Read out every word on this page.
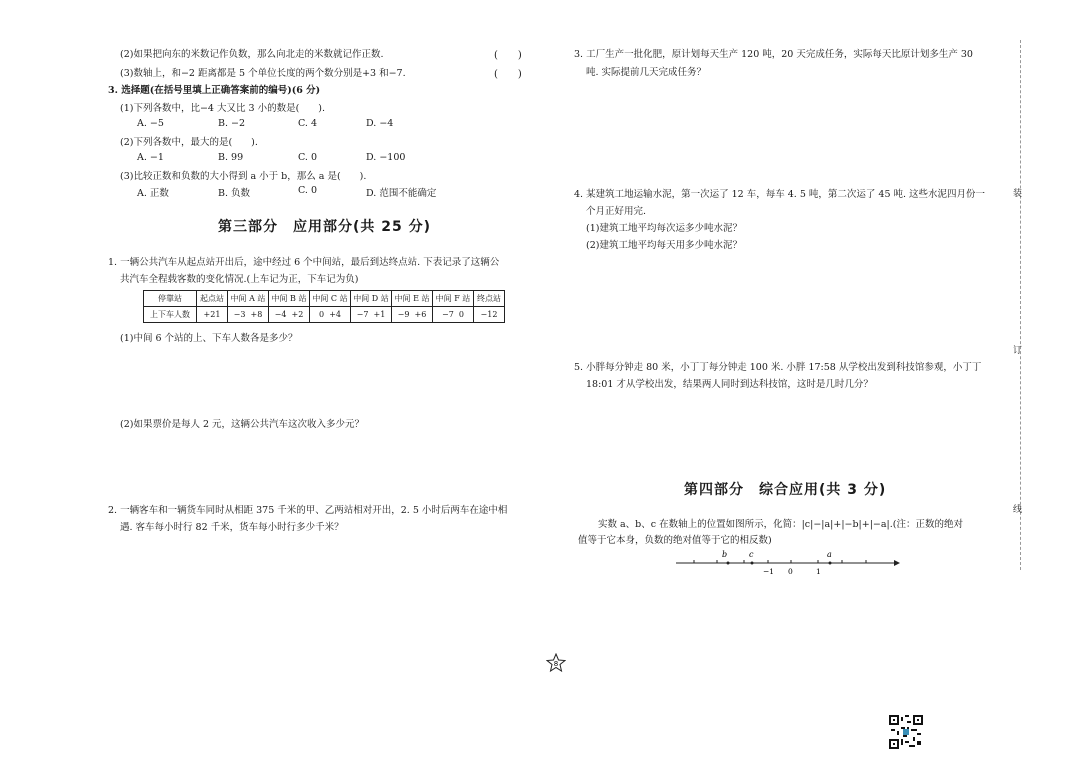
(2)如果把向东的米数记作负数，那么向北走的米数就记作正数.	(　　)
(3)数轴上，和−2 距离都是 5 个单位长度的两个数分别是+3 和−7.	(　　)
3. 选择题(在括号里填上正确答案前的编号)(6 分)
(1)下列各数中，比−4 大又比 3 小的数是(　　).
A. −5	B. −2	C. 4	D. −4
(2)下列各数中，最大的是(　　).
A. −1	B. 99	C. 0	D. −100
(3)比较正数和负数的大小得到 a 小于 b，那么 a 是(　　).
A. 正数	B. 负数	C. 0	D. 范围不能确定
第三部分　应用部分(共 25 分)
1. 一辆公共汽车从起点站开出后，途中经过 6 个中间站，最后到达终点站. 下表记录了这辆公
共汽车全程载客数的变化情况.(上车记为正，下车记为负)
停靠站	起点站	中间 A 站	中间 B 站	中间 C 站	中间 D 站	中间 E 站	中间 F 站	终点站
上下车人数	+21	−3 +8	−4 +2	0 +4	−7 +1	−9 +6	−7 0	−12
(1)中间 6 个站的上、下车人数各是多少？
(2)如果票价是每人 2 元，这辆公共汽车这次收入多少元？
2. 一辆客车和一辆货车同时从相距 375 千米的甲、乙两站相对开出，2. 5 小时后两车在途中相
遇. 客车每小时行 82 千米，货车每小时行多少千米？
3. 工厂生产一批化肥，原计划每天生产 120 吨，20 天完成任务，实际每天比原计划多生产 30
吨. 实际提前几天完成任务？
4. 某建筑工地运输水泥，第一次运了 12 车，每车 4. 5 吨，第二次运了 45 吨. 这些水泥四月份一
个月正好用完.
(1)建筑工地平均每次运多少吨水泥？
(2)建筑工地平均每天用多少吨水泥？
5. 小胖每分钟走 80 米，小丁丁每分钟走 100 米. 小胖 17:58 从学校出发到科技馆参观，小丁丁
18:01 才从学校出发，结果两人同时到达科技馆，这时是几时几分？
第四部分　综合应用(共 3 分)
实数 a、b、c 在数轴上的位置如图所示，化简：|c|−|a|+|−b|+|−a|.(注：正数的绝对
值等于它本身，负数的绝对值等于它的相反数)
b	c	a
−1 0	1
装
订
线
8
